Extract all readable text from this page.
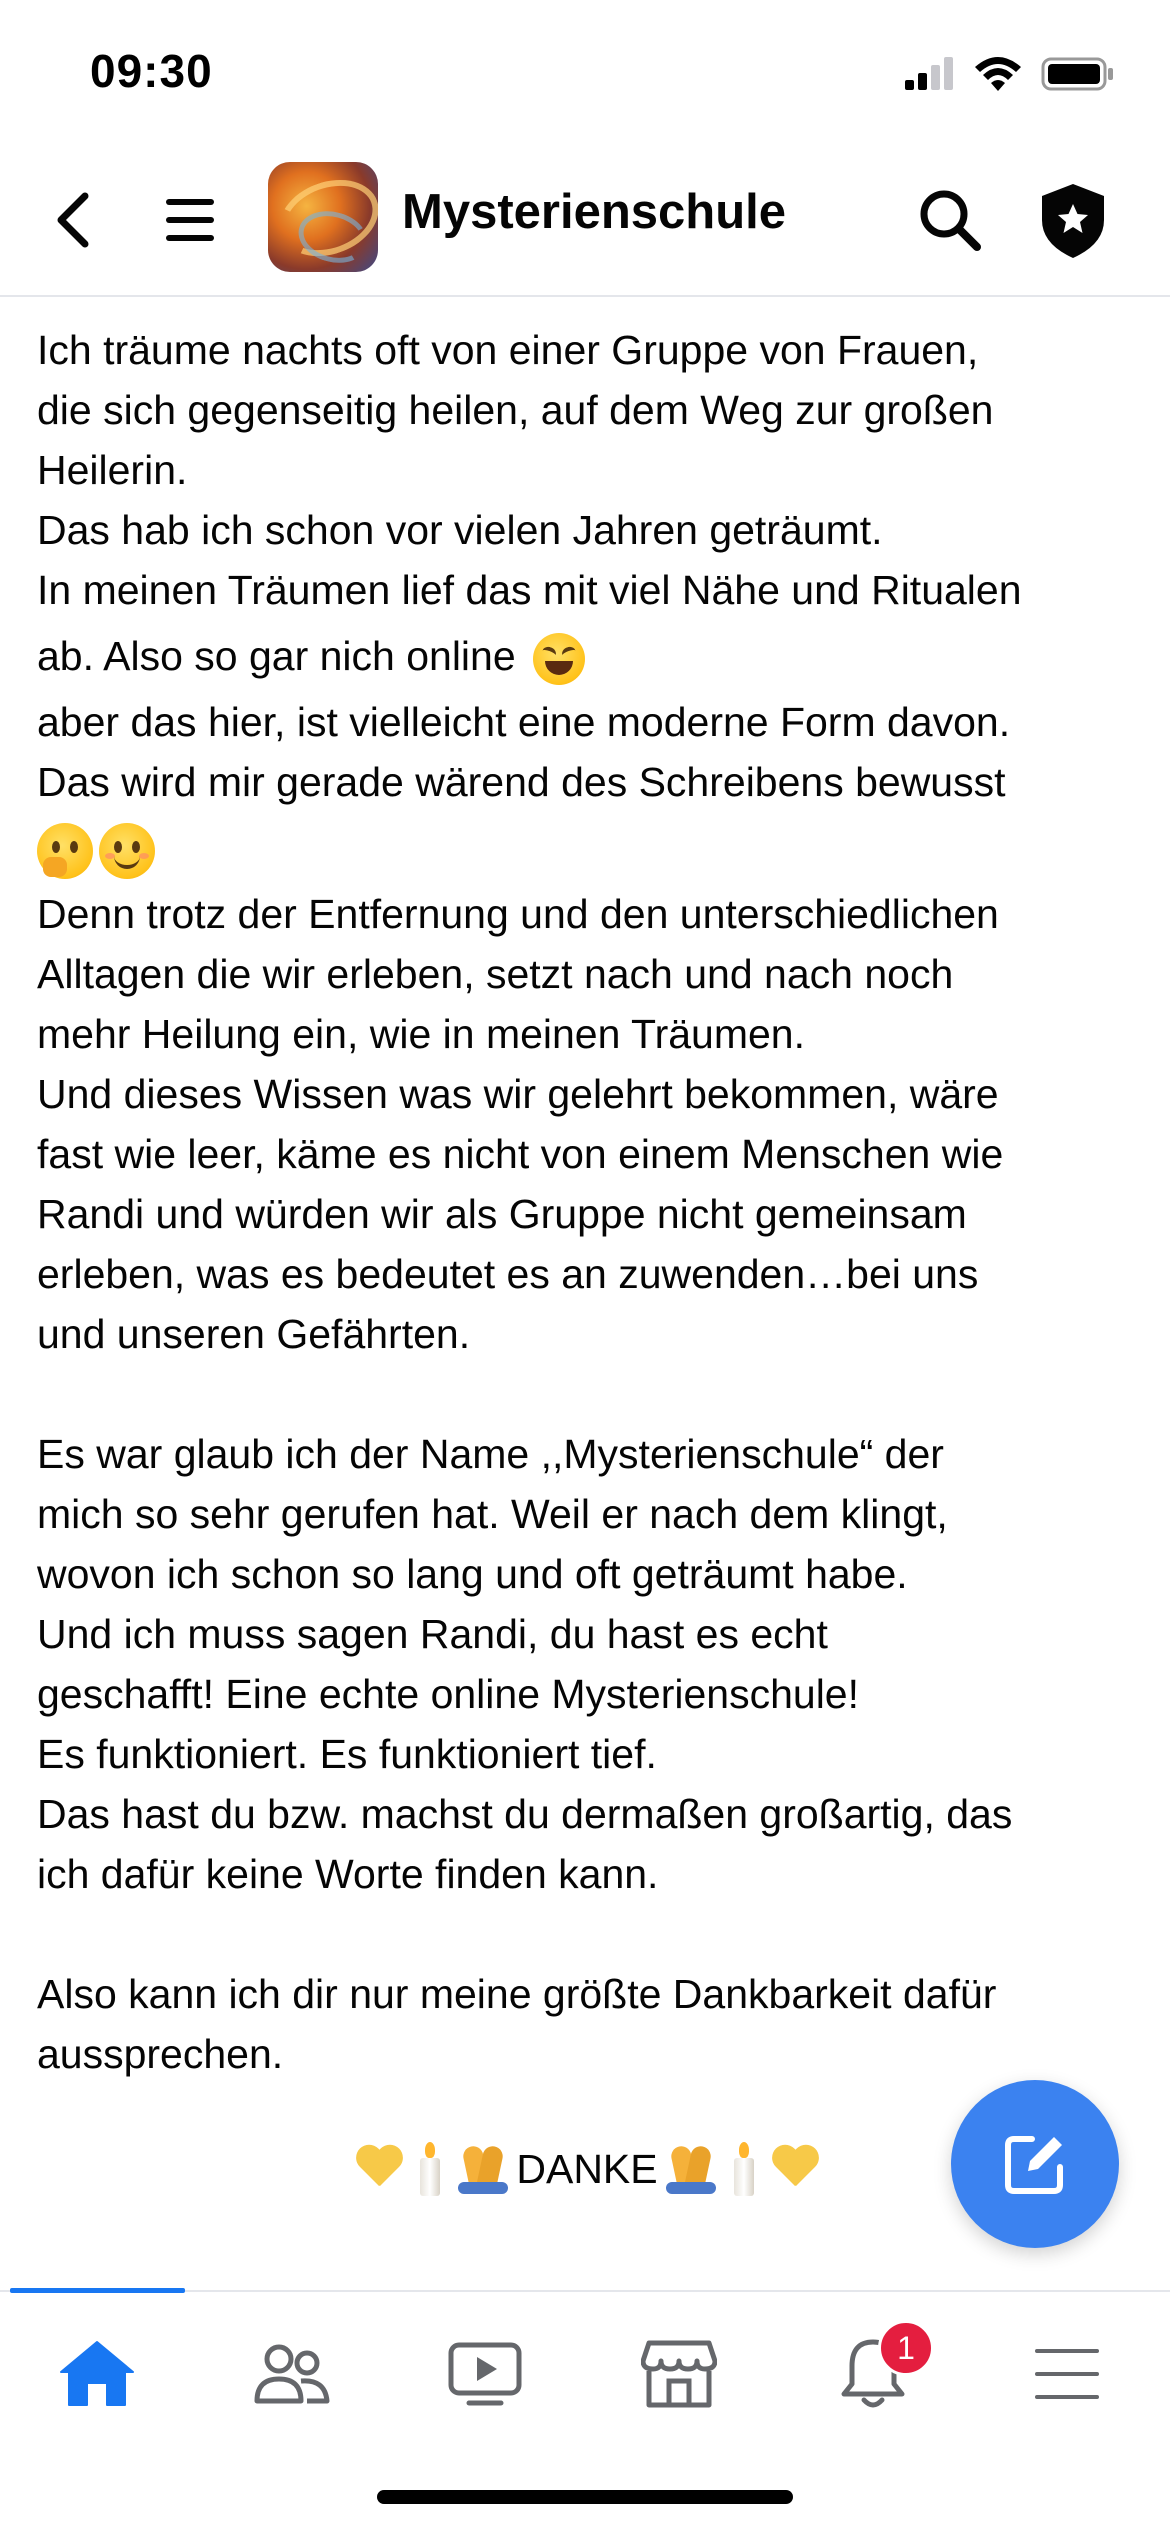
09:30
Mysterienschule
Ich träume nachts oft von einer Gruppe von Frauen,
die sich gegenseitig heilen, auf dem Weg zur großen
Heilerin.
Das hab ich schon vor vielen Jahren geträumt.
In meinen Träumen lief das mit viel Nähe und Ritualen
ab. Also so gar nich online
aber das hier, ist vielleicht eine moderne Form davon.
Das wird mir gerade wärend des Schreibens bewusst
Denn trotz der Entfernung und den unterschiedlichen
Alltagen die wir erleben, setzt nach und nach noch
mehr Heilung ein, wie in meinen Träumen.
Und dieses Wissen was wir gelehrt bekommen, wäre
fast wie leer, käme es nicht von einem Menschen wie
Randi und würden wir als Gruppe nicht gemeinsam
erleben, was es bedeutet es an zuwenden…bei uns
und unseren Gefährten.
Es war glaub ich der Name ,,Mysterienschule“ der
mich so sehr gerufen hat. Weil er nach dem klingt,
wovon ich schon so lang und oft geträumt habe.
Und ich muss sagen Randi, du hast es echt
geschafft! Eine echte online Mysterienschule!
Es funktioniert. Es funktioniert tief.
Das hast du bzw. machst du dermaßen großartig, das
ich dafür keine Worte finden kann.
Also kann ich dir nur meine größte Dankbarkeit dafür
aussprechen.
DANKE
1
